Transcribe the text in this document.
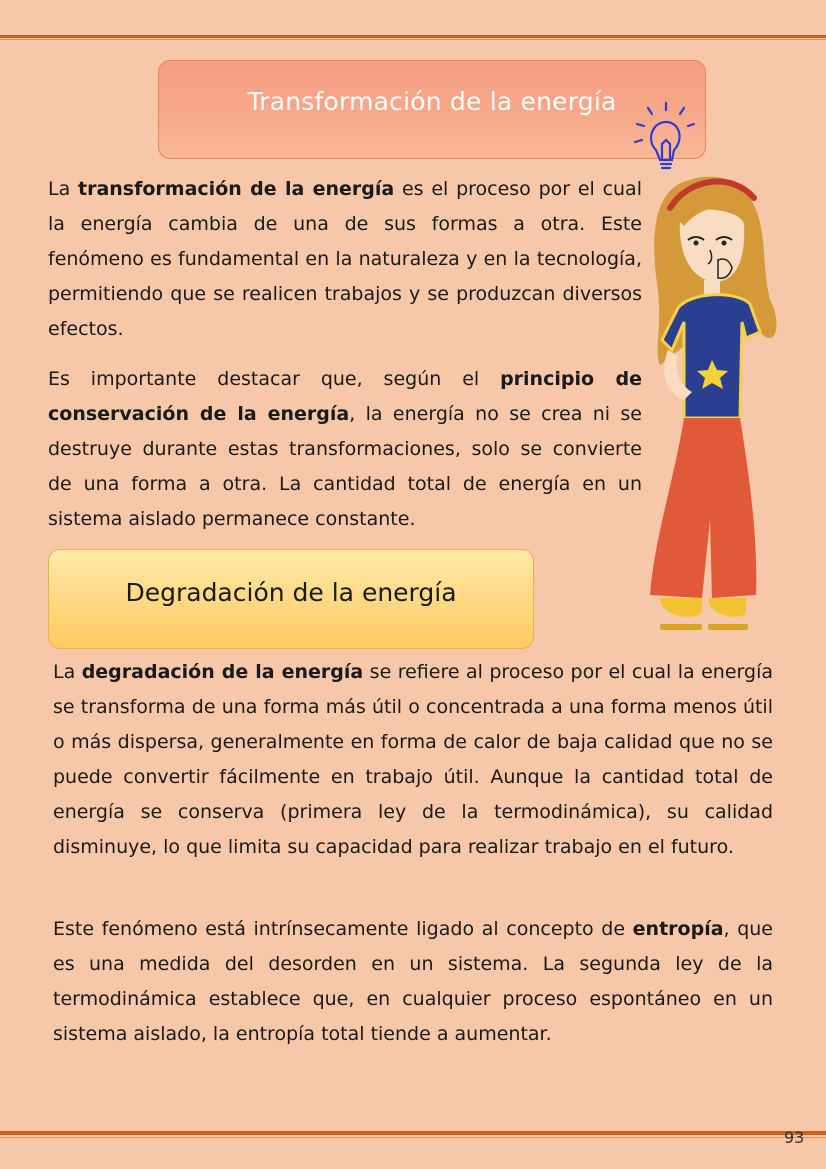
Transformación de la energía

La transformación de la energía es el proceso por el cual la energía cambia de una de sus formas a otra. Este fenómeno es fundamental en la naturaleza y en la tecnología, permitiendo que se realicen trabajos y se produzcan diversos efectos.

Es importante destacar que, según el principio de conservación de la energía, la energía no se crea ni se destruye durante estas transformaciones, solo se convierte de una forma a otra. La cantidad total de energía en un sistema aislado permanece constante.

Degradación de la energía

La degradación de la energía se refiere al proceso por el cual la energía se transforma de una forma más útil o concentrada a una forma menos útil o más dispersa, generalmente en forma de calor de baja calidad que no se puede convertir fácilmente en trabajo útil. Aunque la cantidad total de energía se conserva (primera ley de la termodinámica), su calidad disminuye, lo que limita su capacidad para realizar trabajo en el futuro.

Este fenómeno está intrínsecamente ligado al concepto de entropía, que es una medida del desorden en un sistema. La segunda ley de la termodinámica establece que, en cualquier proceso espontáneo en un sistema aislado, la entropía total tiende a aumentar.

93
